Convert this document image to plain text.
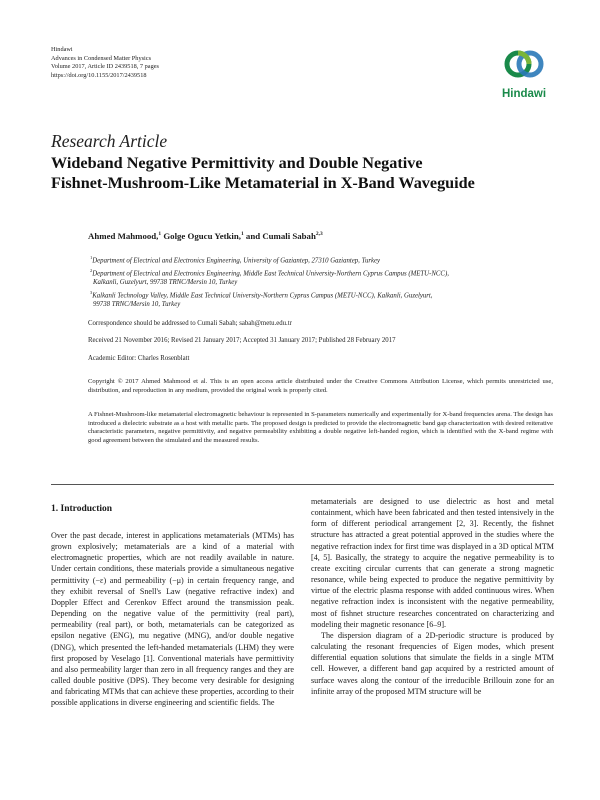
Hindawi
Advances in Condensed Matter Physics
Volume 2017, Article ID 2439518, 7 pages
https://doi.org/10.1155/2017/2439518
Hindawi
Research Article
Wideband Negative Permittivity and Double Negative
Fishnet-Mushroom-Like Metamaterial in X-Band Waveguide
Ahmed Mahmood,$^1$ Golge Ogucu Yetkin,$^1$ and Cumali Sabah$^{2,3}$
$^1$Department of Electrical and Electronics Engineering, University of Gaziantep, 27310 Gaziantep, Turkey
$^2$Department of Electrical and Electronics Engineering, Middle East Technical University-Northern Cyprus Campus (METU-NCC),
Kalkanli, Guzelyurt, 99738 TRNC/Mersin 10, Turkey
$^3$Kalkanli Technology Valley, Middle East Technical University-Northern Cyprus Campus (METU-NCC), Kalkanli, Guzelyurt,
99738 TRNC/Mersin 10, Turkey
Correspondence should be addressed to Cumali Sabah; sabah@metu.edu.tr
Received 21 November 2016; Revised 21 January 2017; Accepted 31 January 2017; Published 28 February 2017
Academic Editor: Charles Rosenblatt
Copyright © 2017 Ahmed Mahmood et al. This is an open access article distributed under the Creative Commons Attribution License, which permits unrestricted use, distribution, and reproduction in any medium, provided the original work is properly cited.
A Fishnet-Mushroom-like metamaterial electromagnetic behaviour is represented in S-parameters numerically and experimentally for X-band frequencies arena. The design has introduced a dielectric substrate as a host with metallic parts. The proposed design is predicted to provide the electromagnetic band gap characterization with desired reiterative characteristic parameters, negative permittivity, and negative permeability exhibiting a double negative left-handed region, which is identified with the X-band regime with good agreement between the simulated and the measured results.
1. Introduction

Over the past decade, interest in applications metamaterials (MTMs) has grown explosively; metamaterials are a kind of a material with electromagnetic properties, which are not readily available in nature. Under certain conditions, these materials provide a simultaneous negative permittivity (−ε) and permeability (−μ) in certain frequency range, and they exhibit reversal of Snell's Law (negative refractive index) and Doppler Effect and Cerenkov Effect around the transmission peak. Depending on the negative value of the permittivity (real part), permeability (real part), or both, metamaterials can be categorized as epsilon negative (ENG), mu negative (MNG), and/or double negative (DNG), which presented the left-handed metamaterials (LHM) they were first proposed by Veselago [1]. Conventional materials have permittivity and also permeability larger than zero in all frequency ranges and they are called double positive (DPS). They become very desirable for designing and fabricating MTMs that can achieve these properties, according to their possible applications in diverse engineering and scientific fields. The

metamaterials are designed to use dielectric as host and metal containment, which have been fabricated and then tested intensively in the form of different periodical arrangement [2, 3]. Recently, the fishnet structure has attracted a great potential approved in the studies where the negative refraction index for first time was displayed in a 3D optical MTM [4, 5]. Basically, the strategy to acquire the negative permeability is to create exciting circular currents that can generate a strong magnetic resonance, while being expected to produce the negative permittivity by virtue of the electric plasma response with added continuous wires. When negative refraction index is inconsistent with the negative permeability, most of fishnet structure researches concentrated on characterizing and modeling their magnetic resonance [6–9].

The dispersion diagram of a 2D-periodic structure is produced by calculating the resonant frequencies of Eigen modes, which present differential equation solutions that simulate the fields in a single MTM cell. However, a different band gap acquired by a restricted amount of surface waves along the contour of the irreducible Brillouin zone for an infinite array of the proposed MTM structure will be
